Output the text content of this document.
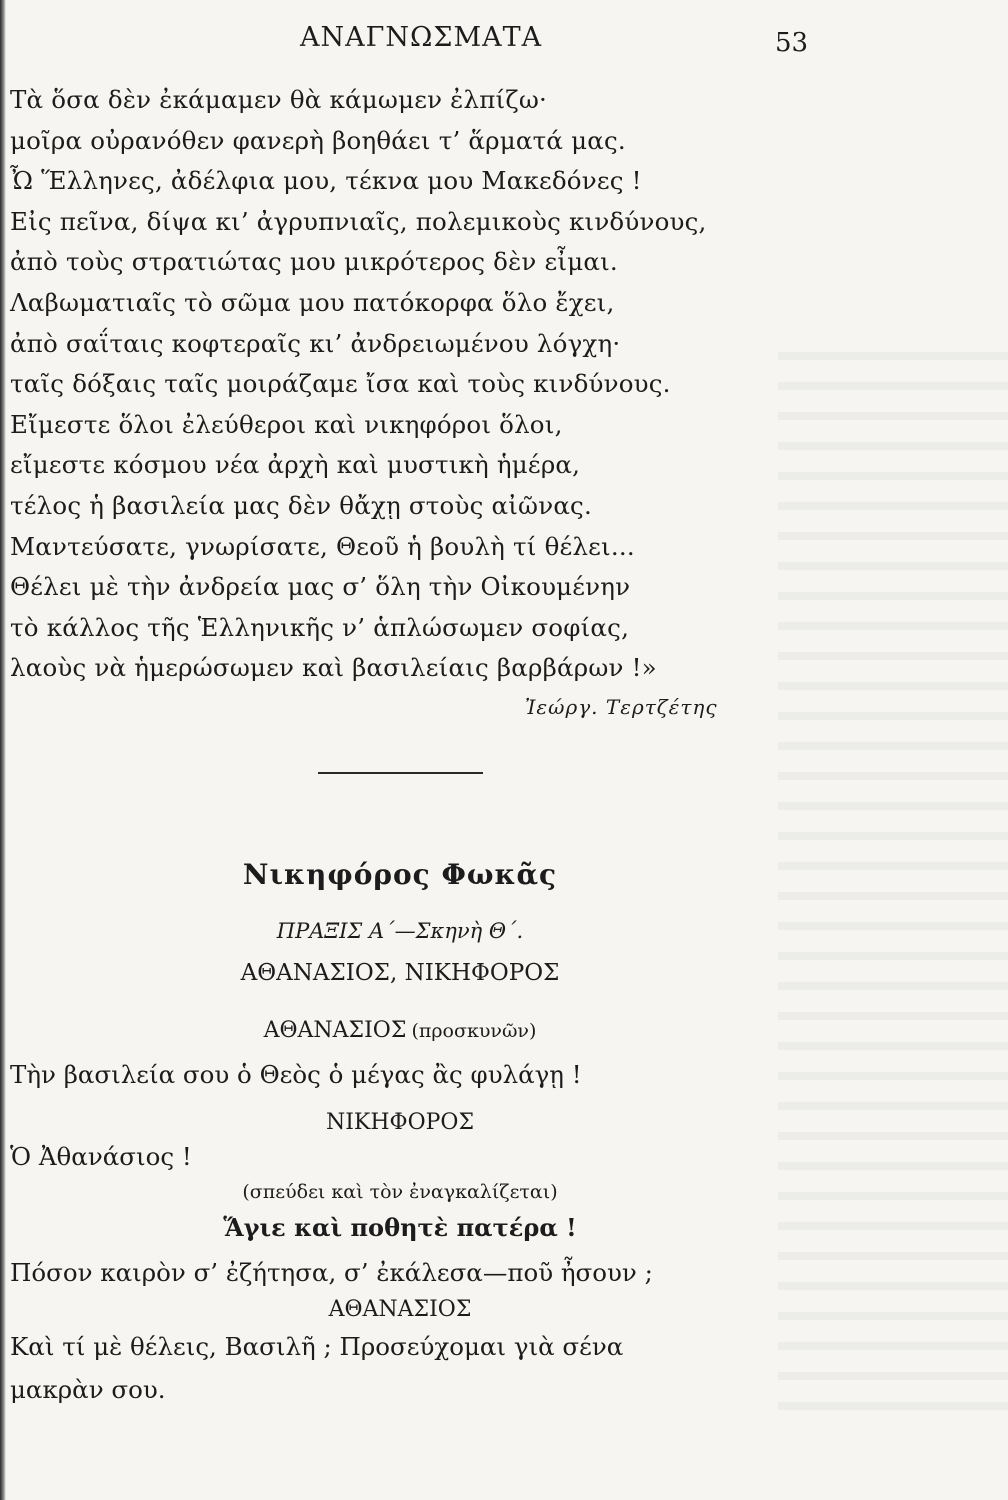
ΑΝΑΓΝΩΣΜΑΤΑ	53
Τὰ ὅσα δὲν ἐκάμαμεν θὰ κάμωμεν ἐλπίζω·
μοῖρα οὐρανόθεν φανερὴ βοηθάει τ’ ἅρματά μας.
Ὦ Ἕλληνες, ἀδέλφια μου, τέκνα μου Μακεδόνες !
Εἰς πεῖνα, δίψα κι’ ἀγρυπνιαῖς, πολεμικοὺς κινδύνους,
ἀπὸ τοὺς στρατιώτας μου μικρότερος δὲν εἶμαι.
Λαβωματιαῖς τὸ σῶμα μου πατόκορφα ὅλο ἔχει,
ἀπὸ σαΐταις κοφτεραῖς κι’ ἀνδρειωμένου λόγχη·
ταῖς δόξαις ταῖς μοιράζαμε ἴσα καὶ τοὺς κινδύνους.
Εἴμεστε ὅλοι ἐλεύθεροι καὶ νικηφόροι ὅλοι,
εἴμεστε κόσμου νέα ἀρχὴ καὶ μυστικὴ ἡμέρα,
τέλος ἡ βασιλεία μας δὲν θἄχῃ στοὺς αἰῶνας.
Μαντεύσατε, γνωρίσατε, Θεοῦ ἡ βουλὴ τί θέλει...
Θέλει μὲ τὴν ἀνδρεία μας σ’ ὅλη τὴν Οἰκουμένην
τὸ κάλλος τῆς Ἑλληνικῆς ν’ ἁπλώσωμεν σοφίας,
λαοὺς νὰ ἡμερώσωμεν καὶ βασιλείαις βαρβάρων !»
Ἰεώργ. Τερτζέτης
Νικηφόρος Φωκᾶς
ΠΡΑΞΙΣ Α΄—Σκηνὴ Θ΄.
ΑΘΑΝΑΣΙΟΣ, ΝΙΚΗΦΟΡΟΣ
ΑΘΑΝΑΣΙΟΣ (προσκυνῶν)
Τὴν βασιλεία σου ὁ Θεὸς ὁ μέγας ἂς φυλάγῃ !
ΝΙΚΗΦΟΡΟΣ
Ὁ Ἀθανάσιος !
(σπεύδει καὶ τὸν ἐναγκαλίζεται)
Ἅγιε καὶ ποθητὲ πατέρα !
Πόσον καιρὸν σ’ ἐζήτησα, σ’ ἐκάλεσα—ποῦ ἦσουν ;
ΑΘΑΝΑΣΙΟΣ
Καὶ τί μὲ θέλεις, Βασιλῆ ; Προσεύχομαι γιὰ σένα
μακρὰν σου.
